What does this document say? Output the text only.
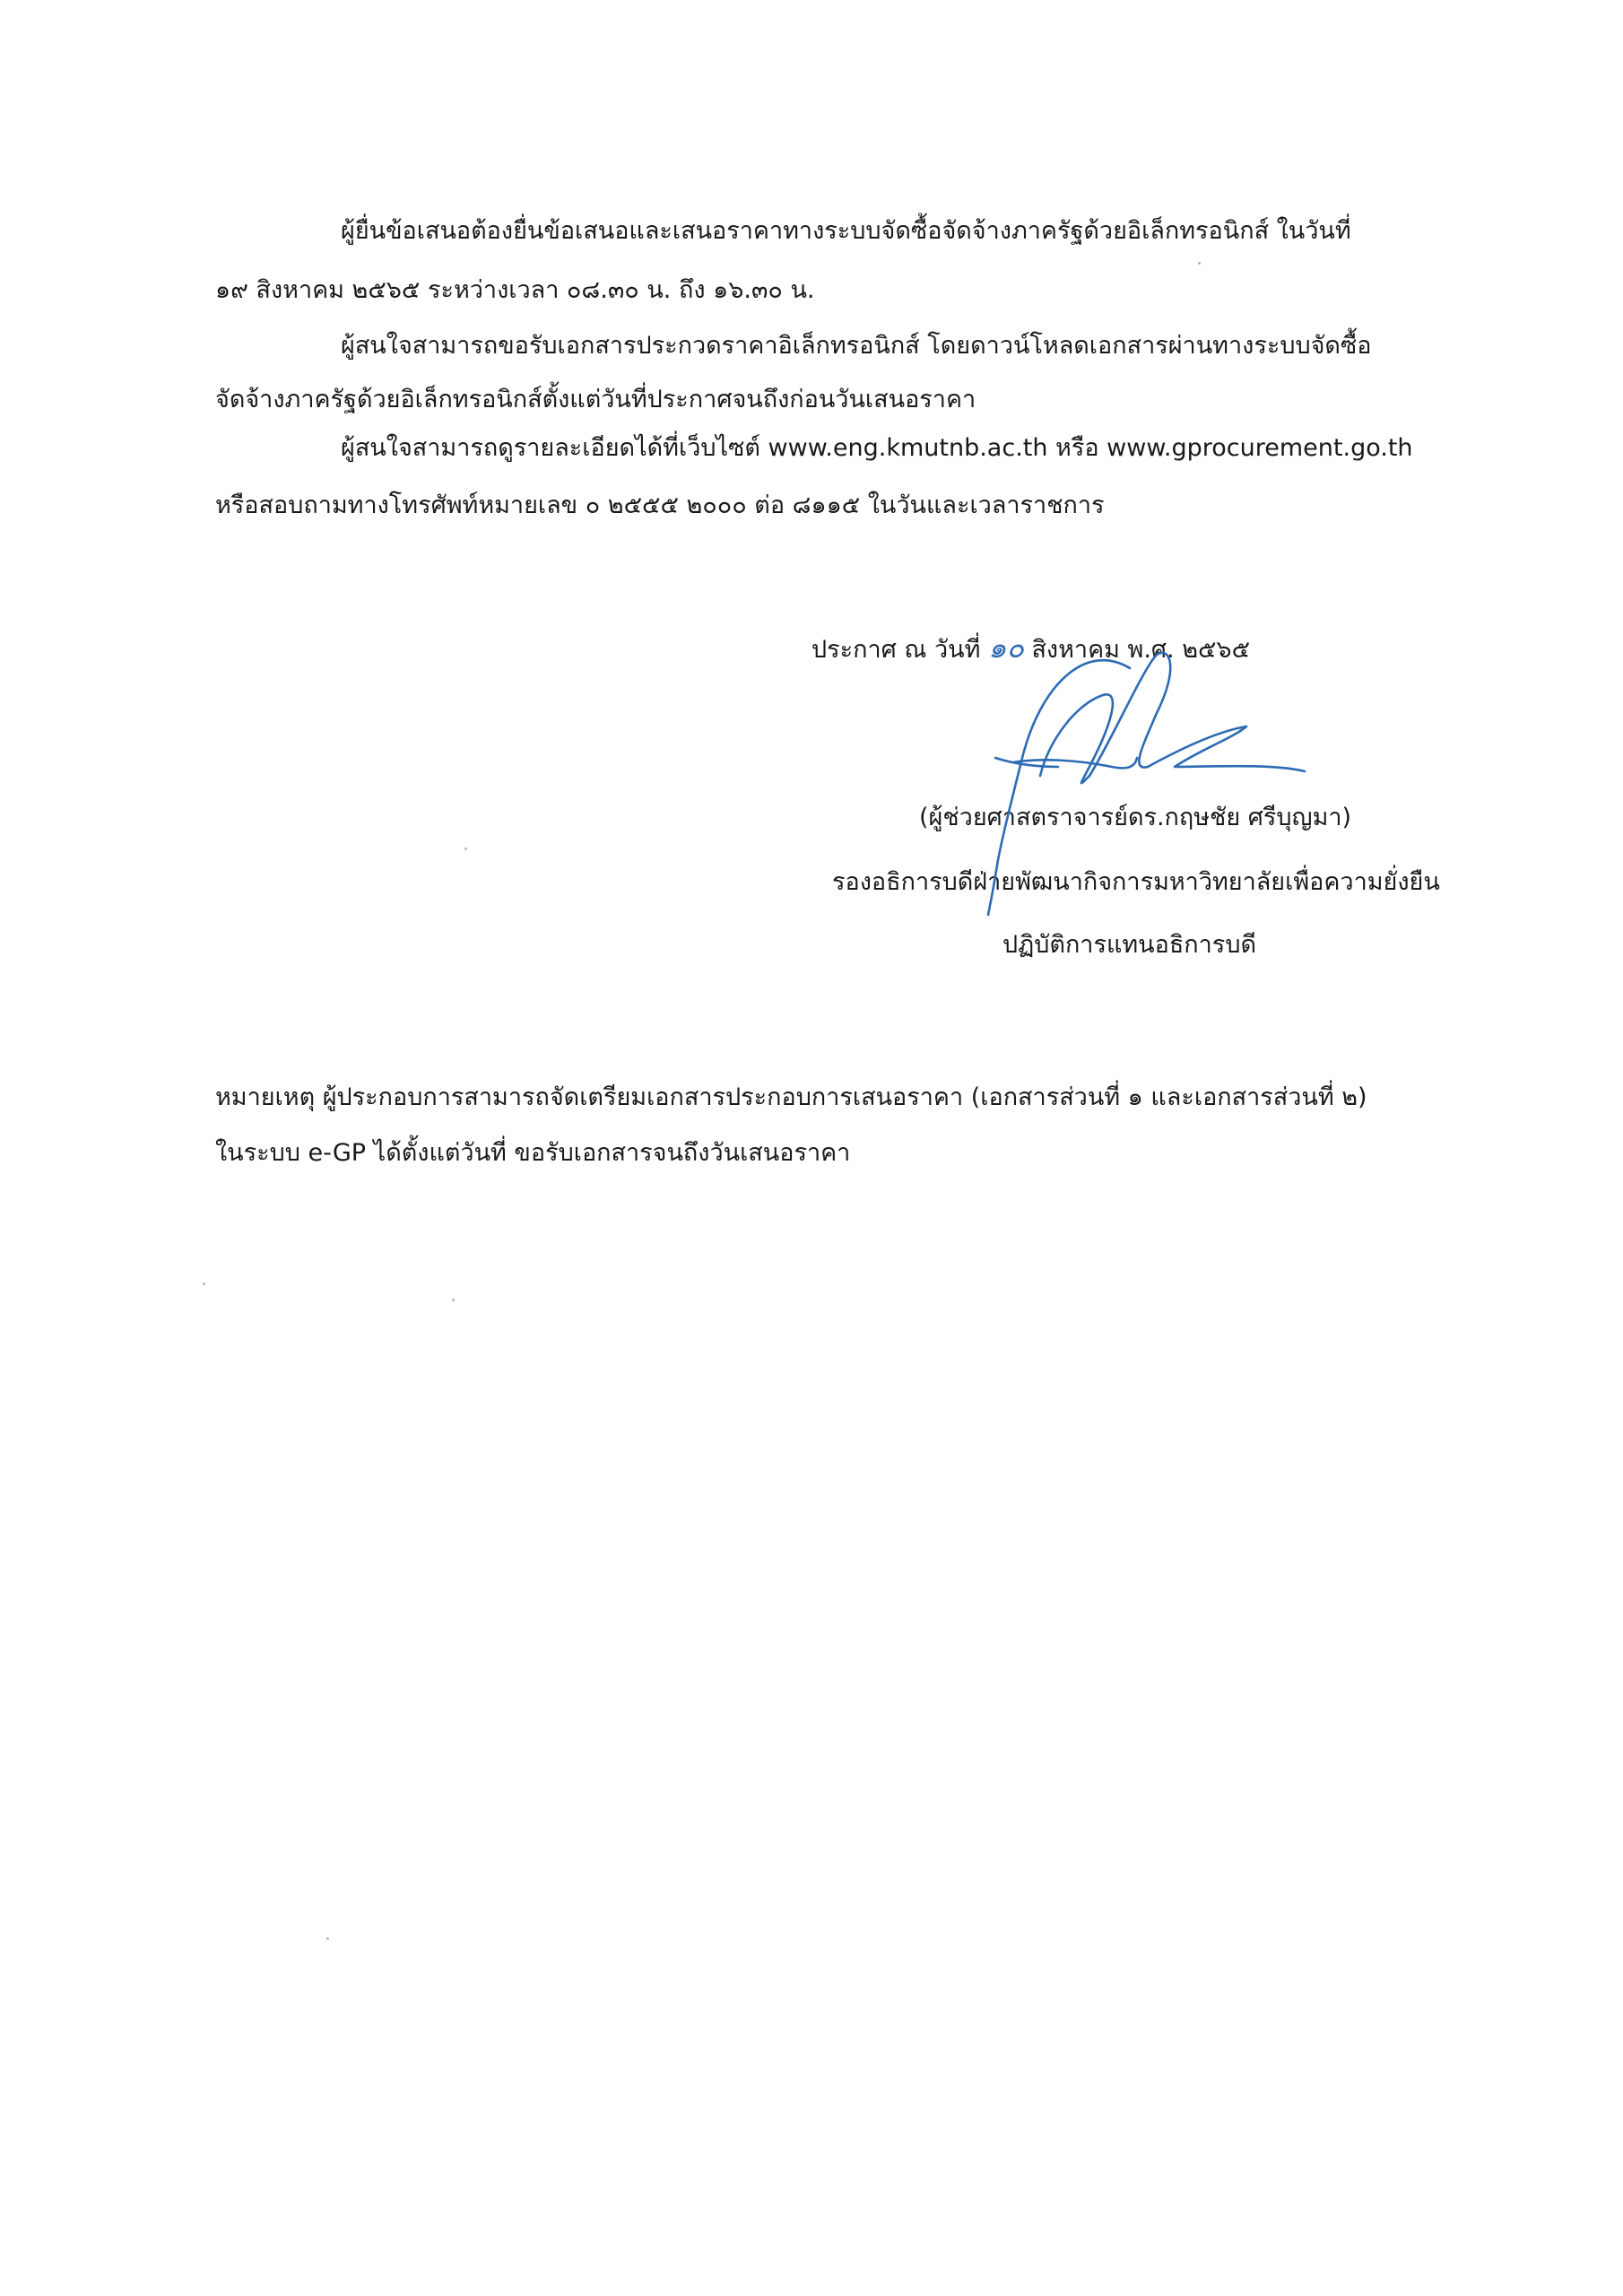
ผู้ยื่นข้อเสนอต้องยื่นข้อเสนอและเสนอราคาทางระบบจัดซื้อจัดจ้างภาครัฐด้วยอิเล็กทรอนิกส์ ในวันที่
๑๙ สิงหาคม ๒๕๖๕ ระหว่างเวลา ๐๘.๓๐ น. ถึง ๑๖.๓๐ น.
ผู้สนใจสามารถขอรับเอกสารประกวดราคาอิเล็กทรอนิกส์ โดยดาวน์โหลดเอกสารผ่านทางระบบจัดซื้อ
จัดจ้างภาครัฐด้วยอิเล็กทรอนิกส์ตั้งแต่วันที่ประกาศจนถึงก่อนวันเสนอราคา
ผู้สนใจสามารถดูรายละเอียดได้ที่เว็บไซต์ www.eng.kmutnb.ac.th หรือ www.gprocurement.go.th
หรือสอบถามทางโทรศัพท์หมายเลข ๐ ๒๕๕๕ ๒๐๐๐ ต่อ ๘๑๑๕ ในวันและเวลาราชการ
ประกาศ ณ วันที่ ๑๐ สิงหาคม พ.ศ. ๒๕๖๕
(ผู้ช่วยศาสตราจารย์ดร.กฤษชัย ศรีบุญมา)
รองอธิการบดีฝ่ายพัฒนากิจการมหาวิทยาลัยเพื่อความยั่งยืน
ปฏิบัติการแทนอธิการบดี
หมายเหตุ ผู้ประกอบการสามารถจัดเตรียมเอกสารประกอบการเสนอราคา (เอกสารส่วนที่ ๑ และเอกสารส่วนที่ ๒)
ในระบบ e-GP ได้ตั้งแต่วันที่ ขอรับเอกสารจนถึงวันเสนอราคา
